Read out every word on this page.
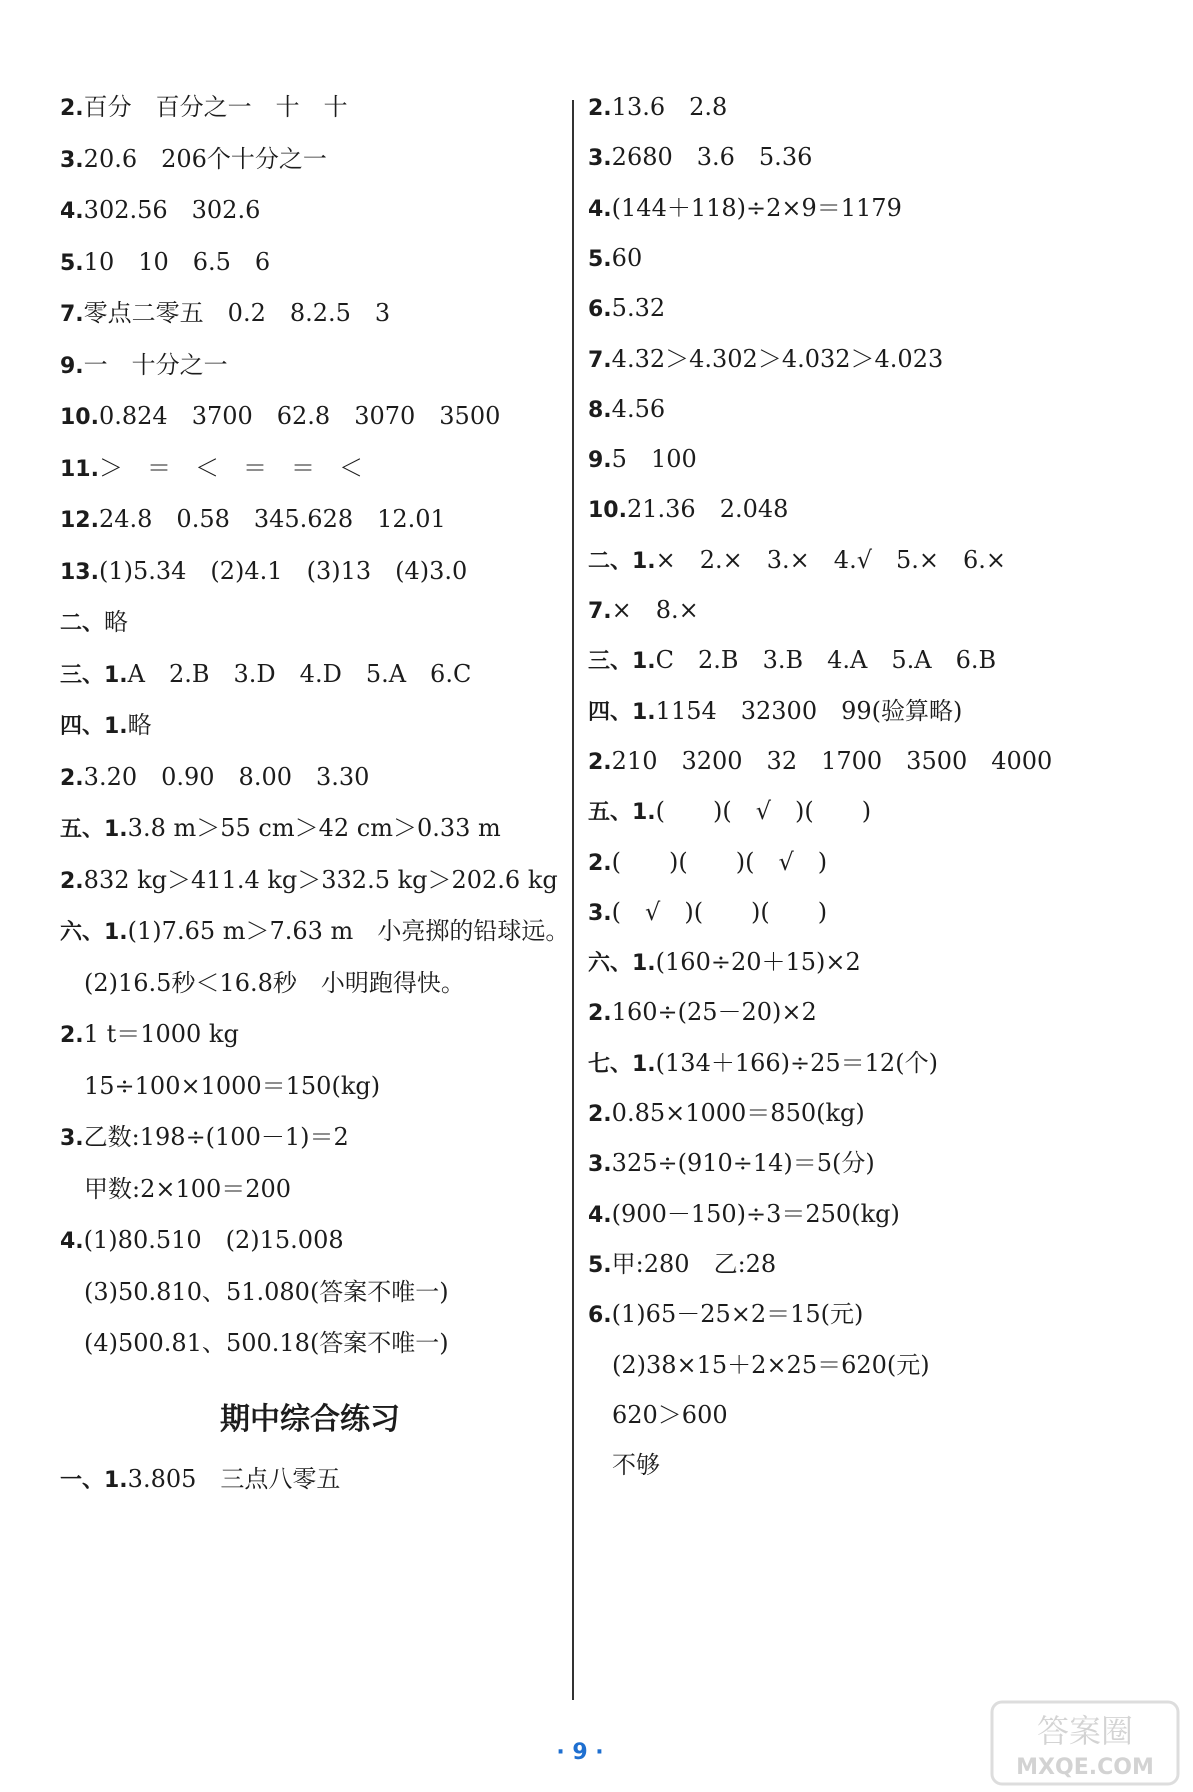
2.百分　百分之一　十　十
3.20.6　206个十分之一
4.302.56　302.6
5.10　10　6.5　6
7.零点二零五　0.2　8.2.5　3
9.一　十分之一
10.0.824　3700　62.8　3070　3500
11.＞　＝　＜　＝　＝　＜
12.24.8　0.58　345.628　12.01
13.(1)5.34　(2)4.1　(3)13　(4)3.0
二、略
三、1.A　2.B　3.D　4.D　5.A　6.C
四、1.略
2.3.20　0.90　8.00　3.30
五、1.3.8 m＞55 cm＞42 cm＞0.33 m
2.832 kg＞411.4 kg＞332.5 kg＞202.6 kg
六、1.(1)7.65 m＞7.63 m　小亮掷的铅球远。
(2)16.5秒＜16.8秒　小明跑得快。
2.1 t＝1000 kg
15÷100×1000＝150(kg)
3.乙数:198÷(100－1)＝2
甲数:2×100＝200
4.(1)80.510　(2)15.008
(3)50.810、51.080(答案不唯一)
(4)500.81、500.18(答案不唯一)
2.13.6　2.8
3.2680　3.6　5.36
4.(144＋118)÷2×9＝1179
5.60
6.5.32
7.4.32＞4.302＞4.032＞4.023
8.4.56
9.5　100
10.21.36　2.048
二、1.×　2.×　3.×　4.√　5.×　6.×
7.×　8.×
三、1.C　2.B　3.B　4.A　5.A　6.B
四、1.1154　32300　99(验算略)
2.210　3200　32　1700　3500　4000
五、1.(　　)(　√　)(　　)
2.(　　)(　　)(　√　)
3.(　√　)(　　)(　　)
六、1.(160÷20＋15)×2
2.160÷(25－20)×2
七、1.(134＋166)÷25＝12(个)
2.0.85×1000＝850(kg)
3.325÷(910÷14)＝5(分)
4.(900－150)÷3＝250(kg)
5.甲:280　乙:28
6.(1)65－25×2＝15(元)
(2)38×15＋2×25＝620(元)
620＞600
不够
期中综合练习
一、1.3.805　三点八零五
· 9 ·
答案圈
MXQE.COM
